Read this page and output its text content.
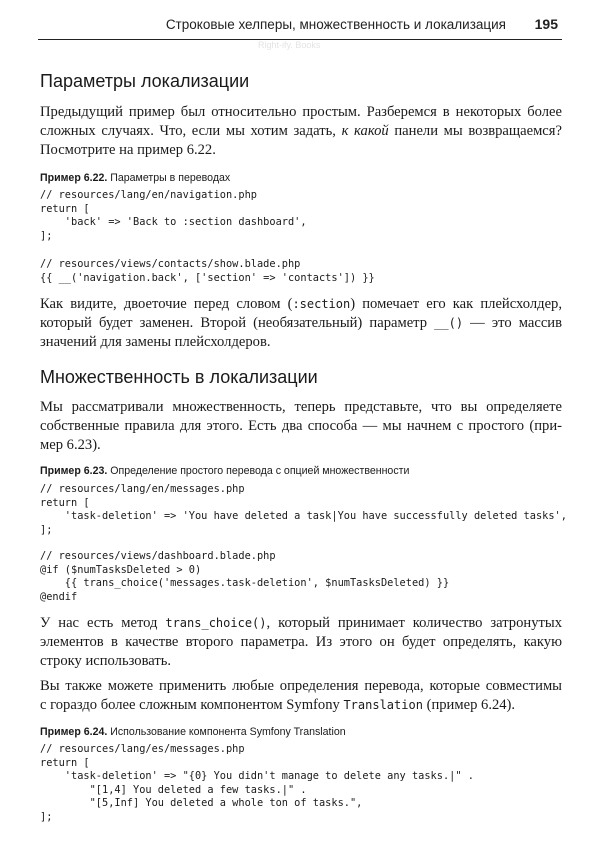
Строковые хелперы, множественность и локализация 195
Right-ify. Books
Параметры локализации

Предыдущий пример был относительно простым. Разберемся в некоторых более
сложных случаях. Что, если мы хотим задать, к какой панели мы возвращаемся?
Посмотрите на пример 6.22.

Пример 6.22. Параметры в переводах

// resources/lang/en/navigation.php
return [
'back' => 'Back to :section dashboard',
];
// resources/views/contacts/show.blade.php
{{ __('navigation.back', ['section' => 'contacts']) }}

Как видите, двоеточие перед словом (:section) помечает его как плейсхолдер,
который будет заменен. Второй (необязательный) параметр __() — это массив
значений для замены плейсхолдеров.

Множественность в локализации

Мы рассматривали множественность, теперь представьте, что вы определяете
собственные правила для этого. Есть два способа — мы начнем с простого (при-
мер 6.23).

Пример 6.23. Определение простого перевода с опцией множественности

// resources/lang/en/messages.php
return [
'task-deletion' => 'You have deleted a task|You have successfully deleted tasks',
];
// resources/views/dashboard.blade.php
@if ($numTasksDeleted > 0)
{{ trans_choice('messages.task-deletion', $numTasksDeleted) }}
@endif

У нас есть метод trans_choice(), который принимает количество затронутых
элементов в качестве второго параметра. Из этого он будет определять, какую
строку использовать.

Вы также можете применить любые определения перевода, которые совместимы
с гораздо более сложным компонентом Symfony Translation (пример 6.24).

Пример 6.24. Использование компонента Symfony Translation

// resources/lang/es/messages.php
return [
'task-deletion' => "{0} You didn't manage to delete any tasks.|" .
"[1,4] You deleted a few tasks.|" .
"[5,Inf] You deleted a whole ton of tasks.",
];
